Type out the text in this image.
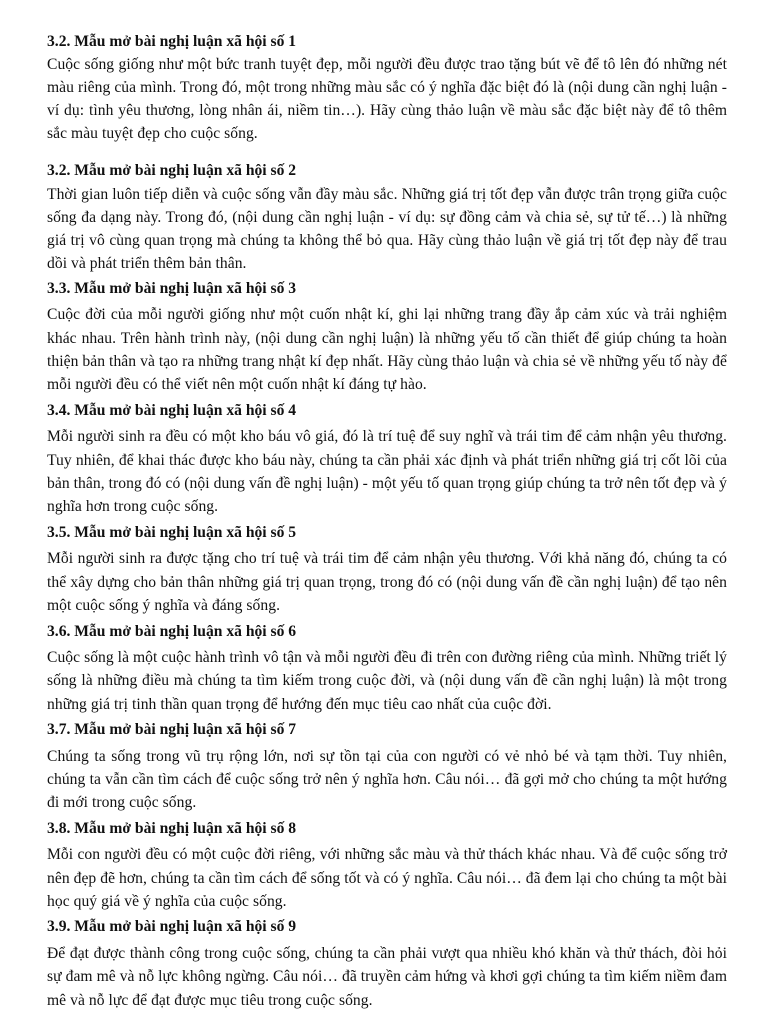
3.2. Mẫu mở bài nghị luận xã hội số 1

Cuộc sống giống như một bức tranh tuyệt đẹp, mỗi người đều được trao tặng bút vẽ để tô lên đó những nét màu riêng của mình. Trong đó, một trong những màu sắc có ý nghĩa đặc biệt đó là (nội dung cần nghị luận - ví dụ: tình yêu thương, lòng nhân ái, niềm tin…). Hãy cùng thảo luận về màu sắc đặc biệt này để tô thêm sắc màu tuyệt đẹp cho cuộc sống.

3.2. Mẫu mở bài nghị luận xã hội số 2

Thời gian luôn tiếp diễn và cuộc sống vẫn đầy màu sắc. Những giá trị tốt đẹp vẫn được trân trọng giữa cuộc sống đa dạng này. Trong đó, (nội dung cần nghị luận - ví dụ: sự đồng cảm và chia sẻ, sự tử tế…) là những giá trị vô cùng quan trọng mà chúng ta không thể bỏ qua. Hãy cùng thảo luận về giá trị tốt đẹp này để trau dồi và phát triển thêm bản thân.

3.3. Mẫu mở bài nghị luận xã hội số 3

Cuộc đời của mỗi người giống như một cuốn nhật kí, ghi lại những trang đầy ắp cảm xúc và trải nghiệm khác nhau. Trên hành trình này, (nội dung cần nghị luận) là những yếu tố cần thiết để giúp chúng ta hoàn thiện bản thân và tạo ra những trang nhật kí đẹp nhất. Hãy cùng thảo luận và chia sẻ về những yếu tố này để mỗi người đều có thể viết nên một cuốn nhật kí đáng tự hào.

3.4. Mẫu mở bài nghị luận xã hội số 4

Mỗi người sinh ra đều có một kho báu vô giá, đó là trí tuệ để suy nghĩ và trái tim để cảm nhận yêu thương. Tuy nhiên, để khai thác được kho báu này, chúng ta cần phải xác định và phát triển những giá trị cốt lõi của bản thân, trong đó có (nội dung vấn đề nghị luận) - một yếu tố quan trọng giúp chúng ta trở nên tốt đẹp và ý nghĩa hơn trong cuộc sống.

3.5. Mẫu mở bài nghị luận xã hội số 5

Mỗi người sinh ra được tặng cho trí tuệ và trái tim để cảm nhận yêu thương. Với khả năng đó, chúng ta có thể xây dựng cho bản thân những giá trị quan trọng, trong đó có (nội dung vấn đề cần nghị luận) để tạo nên một cuộc sống ý nghĩa và đáng sống.

3.6. Mẫu mở bài nghị luận xã hội số 6

Cuộc sống là một cuộc hành trình vô tận và mỗi người đều đi trên con đường riêng của mình. Những triết lý sống là những điều mà chúng ta tìm kiếm trong cuộc đời, và (nội dung vấn đề cần nghị luận) là một trong những giá trị tinh thần quan trọng để hướng đến mục tiêu cao nhất của cuộc đời.

3.7. Mẫu mở bài nghị luận xã hội số 7

Chúng ta sống trong vũ trụ rộng lớn, nơi sự tồn tại của con người có vẻ nhỏ bé và tạm thời. Tuy nhiên, chúng ta vẫn cần tìm cách để cuộc sống trở nên ý nghĩa hơn. Câu nói… đã gợi mở cho chúng ta một hướng đi mới trong cuộc sống.

3.8. Mẫu mở bài nghị luận xã hội số 8

Mỗi con người đều có một cuộc đời riêng, với những sắc màu và thử thách khác nhau. Và để cuộc sống trở nên đẹp đẽ hơn, chúng ta cần tìm cách để sống tốt và có ý nghĩa. Câu nói… đã đem lại cho chúng ta một bài học quý giá về ý nghĩa của cuộc sống.

3.9. Mẫu mở bài nghị luận xã hội số 9

Để đạt được thành công trong cuộc sống, chúng ta cần phải vượt qua nhiều khó khăn và thử thách, đòi hỏi sự đam mê và nỗ lực không ngừng. Câu nói… đã truyền cảm hứng và khơi gợi chúng ta tìm kiếm niềm đam mê và nỗ lực để đạt được mục tiêu trong cuộc sống.
